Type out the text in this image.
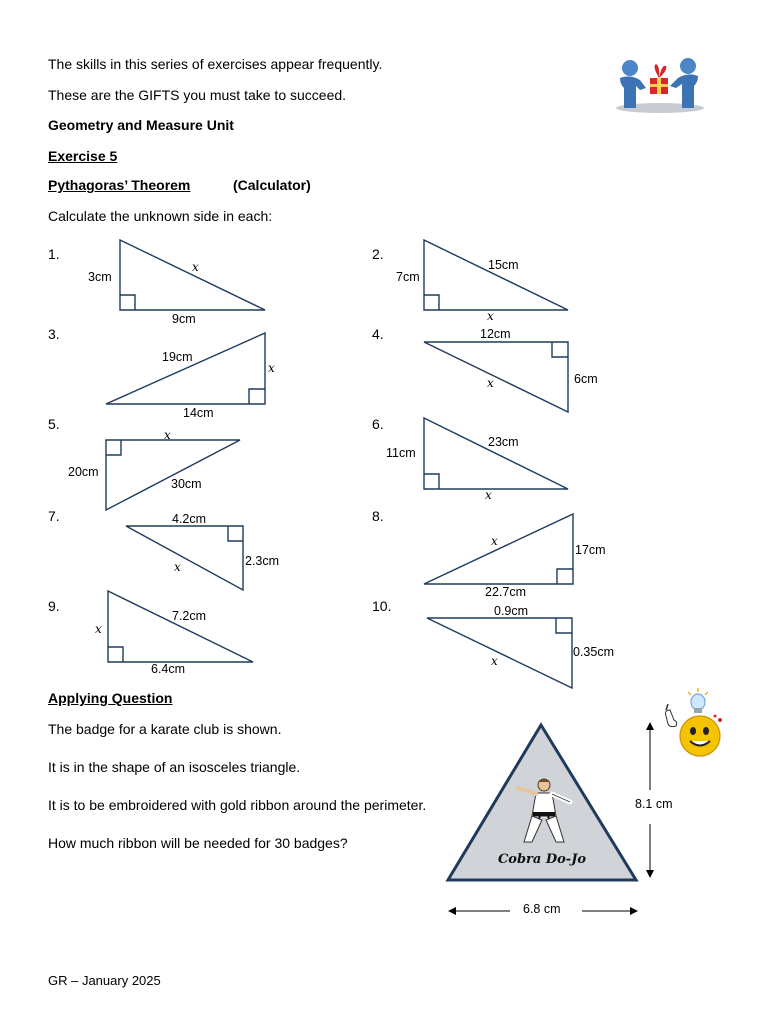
The skills in this series of exercises appear frequently.
These are the GIFTS you must take to succeed.
Geometry and Measure Unit
Exercise 5
Pythagoras’ Theorem	(Calculator)
Calculate the unknown side in each:
1.	2.
3.	4.
5.	6.
7.	8.
9.	10.
3cm
x
9cm
7cm
15cm
x
19cm
x
14cm
12cm
6cm
x
x
20cm
30cm
11cm
23cm
x
4.2cm
2.3cm
x
x
17cm
22.7cm
x
7.2cm
6.4cm
0.9cm
0.35cm
x
Applying Question
The badge for a karate club is shown.
It is in the shape of an isosceles triangle.
It is to be embroidered with gold ribbon around the perimeter.
How much ribbon will be needed for 30 badges?
Cobra Do-Jo
8.1 cm
6.8 cm
GR – January 2025
